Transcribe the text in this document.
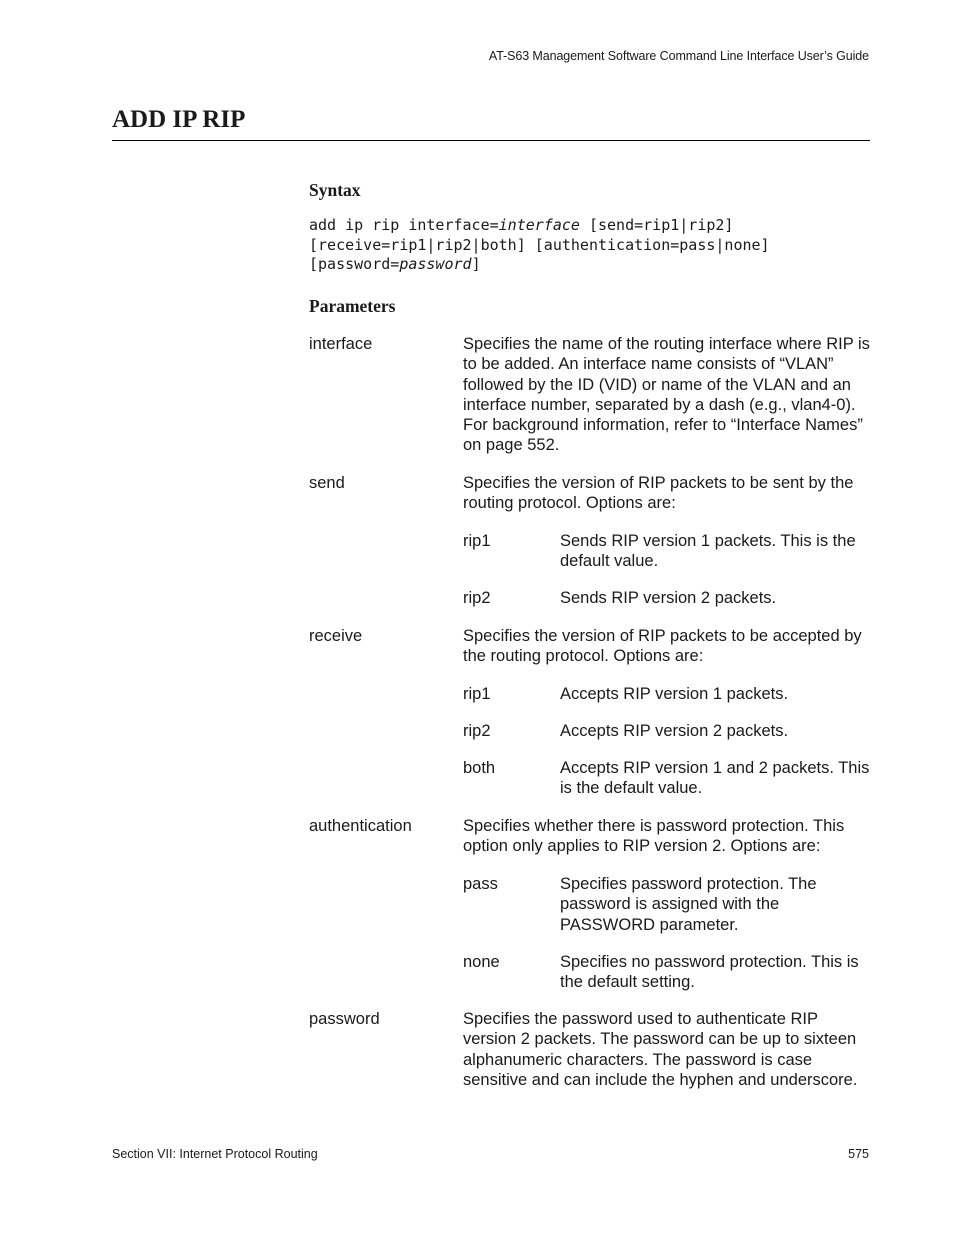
AT-S63 Management Software Command Line Interface User’s Guide
ADD IP RIP
Syntax
add ip rip interface=interface [send=rip1|rip2]
[receive=rip1|rip2|both] [authentication=pass|none]
[password=password]
Parameters
interface	Specifies the name of the routing interface where RIP is to be added. An interface name consists of “VLAN” followed by the ID (VID) or name of the VLAN and an interface number, separated by a dash (e.g., vlan4-0). For background information, refer to “Interface Names” on page 552.
send	Specifies the version of RIP packets to be sent by the routing protocol. Options are:
rip1	Sends RIP version 1 packets. This is the default value.
rip2	Sends RIP version 2 packets.
receive	Specifies the version of RIP packets to be accepted by the routing protocol. Options are:
rip1	Accepts RIP version 1 packets.
rip2	Accepts RIP version 2 packets.
both	Accepts RIP version 1 and 2 packets. This is the default value.
authentication	Specifies whether there is password protection. This option only applies to RIP version 2. Options are:
pass	Specifies password protection. The password is assigned with the PASSWORD parameter.
none	Specifies no password protection. This is the default setting.
password	Specifies the password used to authenticate RIP version 2 packets. The password can be up to sixteen alphanumeric characters. The password is case sensitive and can include the hyphen and underscore.
Section VII: Internet Protocol Routing	575
